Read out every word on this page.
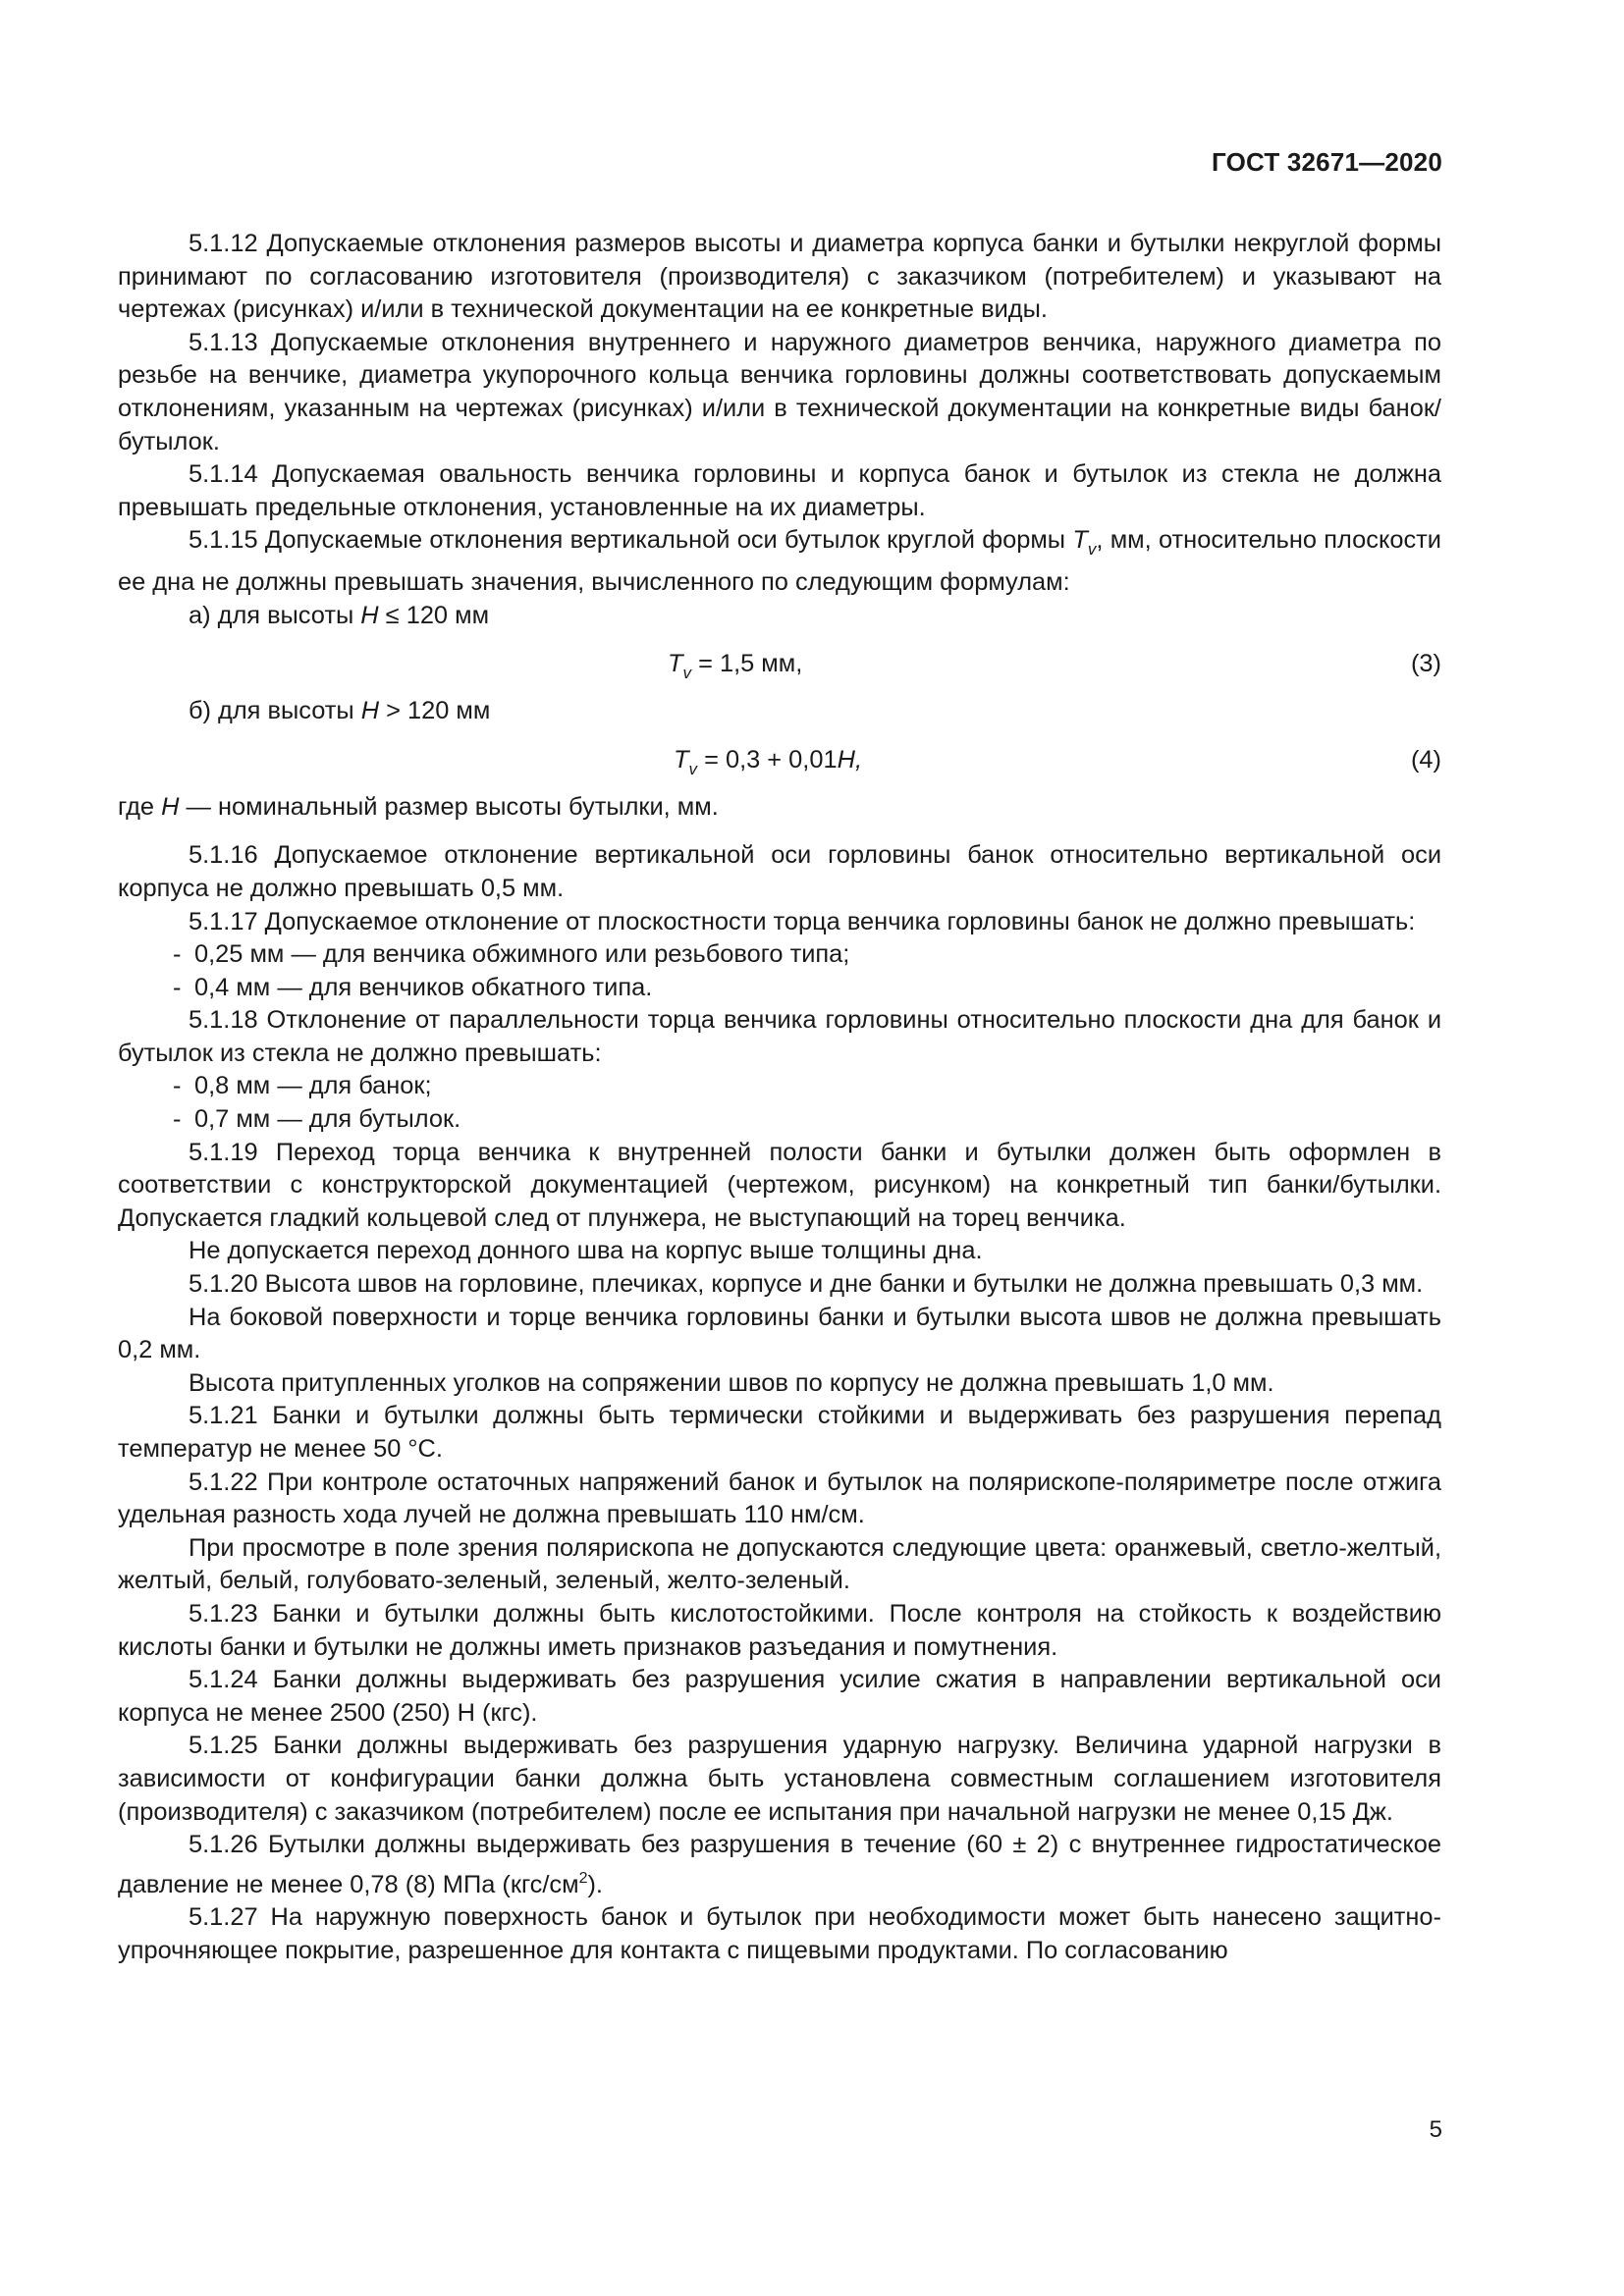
ГОСТ 32671—2020

5.1.12 Допускаемые отклонения размеров высоты и диаметра корпуса банки и бутылки некруглой формы принимают по согласованию изготовителя (производителя) с заказчиком (потребителем) и указывают на чертежах (рисунках) и/или в технической документации на ее конкретные виды.

5.1.13 Допускаемые отклонения внутреннего и наружного диаметров венчика, наружного диаметра по резьбе на венчике, диаметра укупорочного кольца венчика горловины должны соответствовать допускаемым отклонениям, указанным на чертежах (рисунках) и/или в технической документации на конкретные виды банок/бутылок.

5.1.14 Допускаемая овальность венчика горловины и корпуса банок и бутылок из стекла не должна превышать предельные отклонения, установленные на их диаметры.

5.1.15 Допускаемые отклонения вертикальной оси бутылок круглой формы $T_v$, мм, относительно плоскости ее дна не должны превышать значения, вычисленного по следующим формулам:

а) для высоты H ≤ 120 мм

$T_v = 1,5$ мм,	(3)

б) для высоты H > 120 мм

$T_v = 0,3 + 0,01H$,	(4)

где H — номинальный размер высоты бутылки, мм.

5.1.16 Допускаемое отклонение вертикальной оси горловины банок относительно вертикальной оси корпуса не должно превышать 0,5 мм.

5.1.17 Допускаемое отклонение от плоскостности торца венчика горловины банок не должно превышать:

- 0,25 мм — для венчика обжимного или резьбового типа;
- 0,4 мм — для венчиков обкатного типа.

5.1.18 Отклонение от параллельности торца венчика горловины относительно плоскости дна для банок и бутылок из стекла не должно превышать:

- 0,8 мм — для банок;
- 0,7 мм — для бутылок.

5.1.19 Переход торца венчика к внутренней полости банки и бутылки должен быть оформлен в соответствии с конструкторской документацией (чертежом, рисунком) на конкретный тип банки/бутылки. Допускается гладкий кольцевой след от плунжера, не выступающий на торец венчика.

Не допускается переход донного шва на корпус выше толщины дна.

5.1.20 Высота швов на горловине, плечиках, корпусе и дне банки и бутылки не должна превышать 0,3 мм.

На боковой поверхности и торце венчика горловины банки и бутылки высота швов не должна превышать 0,2 мм.

Высота притупленных уголков на сопряжении швов по корпусу не должна превышать 1,0 мм.

5.1.21 Банки и бутылки должны быть термически стойкими и выдерживать без разрушения перепад температур не менее 50 °С.

5.1.22 При контроле остаточных напряжений банок и бутылок на полярископе-поляриметре после отжига удельная разность хода лучей не должна превышать 110 нм/см.

При просмотре в поле зрения полярископа не допускаются следующие цвета: оранжевый, светло-желтый, желтый, белый, голубовато-зеленый, зеленый, желто-зеленый.

5.1.23 Банки и бутылки должны быть кислотостойкими. После контроля на стойкость к воздействию кислоты банки и бутылки не должны иметь признаков разъедания и помутнения.

5.1.24 Банки должны выдерживать без разрушения усилие сжатия в направлении вертикальной оси корпуса не менее 2500 (250) Н (кгс).

5.1.25 Банки должны выдерживать без разрушения ударную нагрузку. Величина ударной нагрузки в зависимости от конфигурации банки должна быть установлена совместным соглашением изготовителя (производителя) с заказчиком (потребителем) после ее испытания при начальной нагрузки не менее 0,15 Дж.

5.1.26 Бутылки должны выдерживать без разрушения в течение (60 ± 2) с внутреннее гидростатическое давление не менее 0,78 (8) МПа $(кгс/см^2)$.

5.1.27 На наружную поверхность банок и бутылок при необходимости может быть нанесено защитно-упрочняющее покрытие, разрешенное для контакта с пищевыми продуктами. По согласованию

5
